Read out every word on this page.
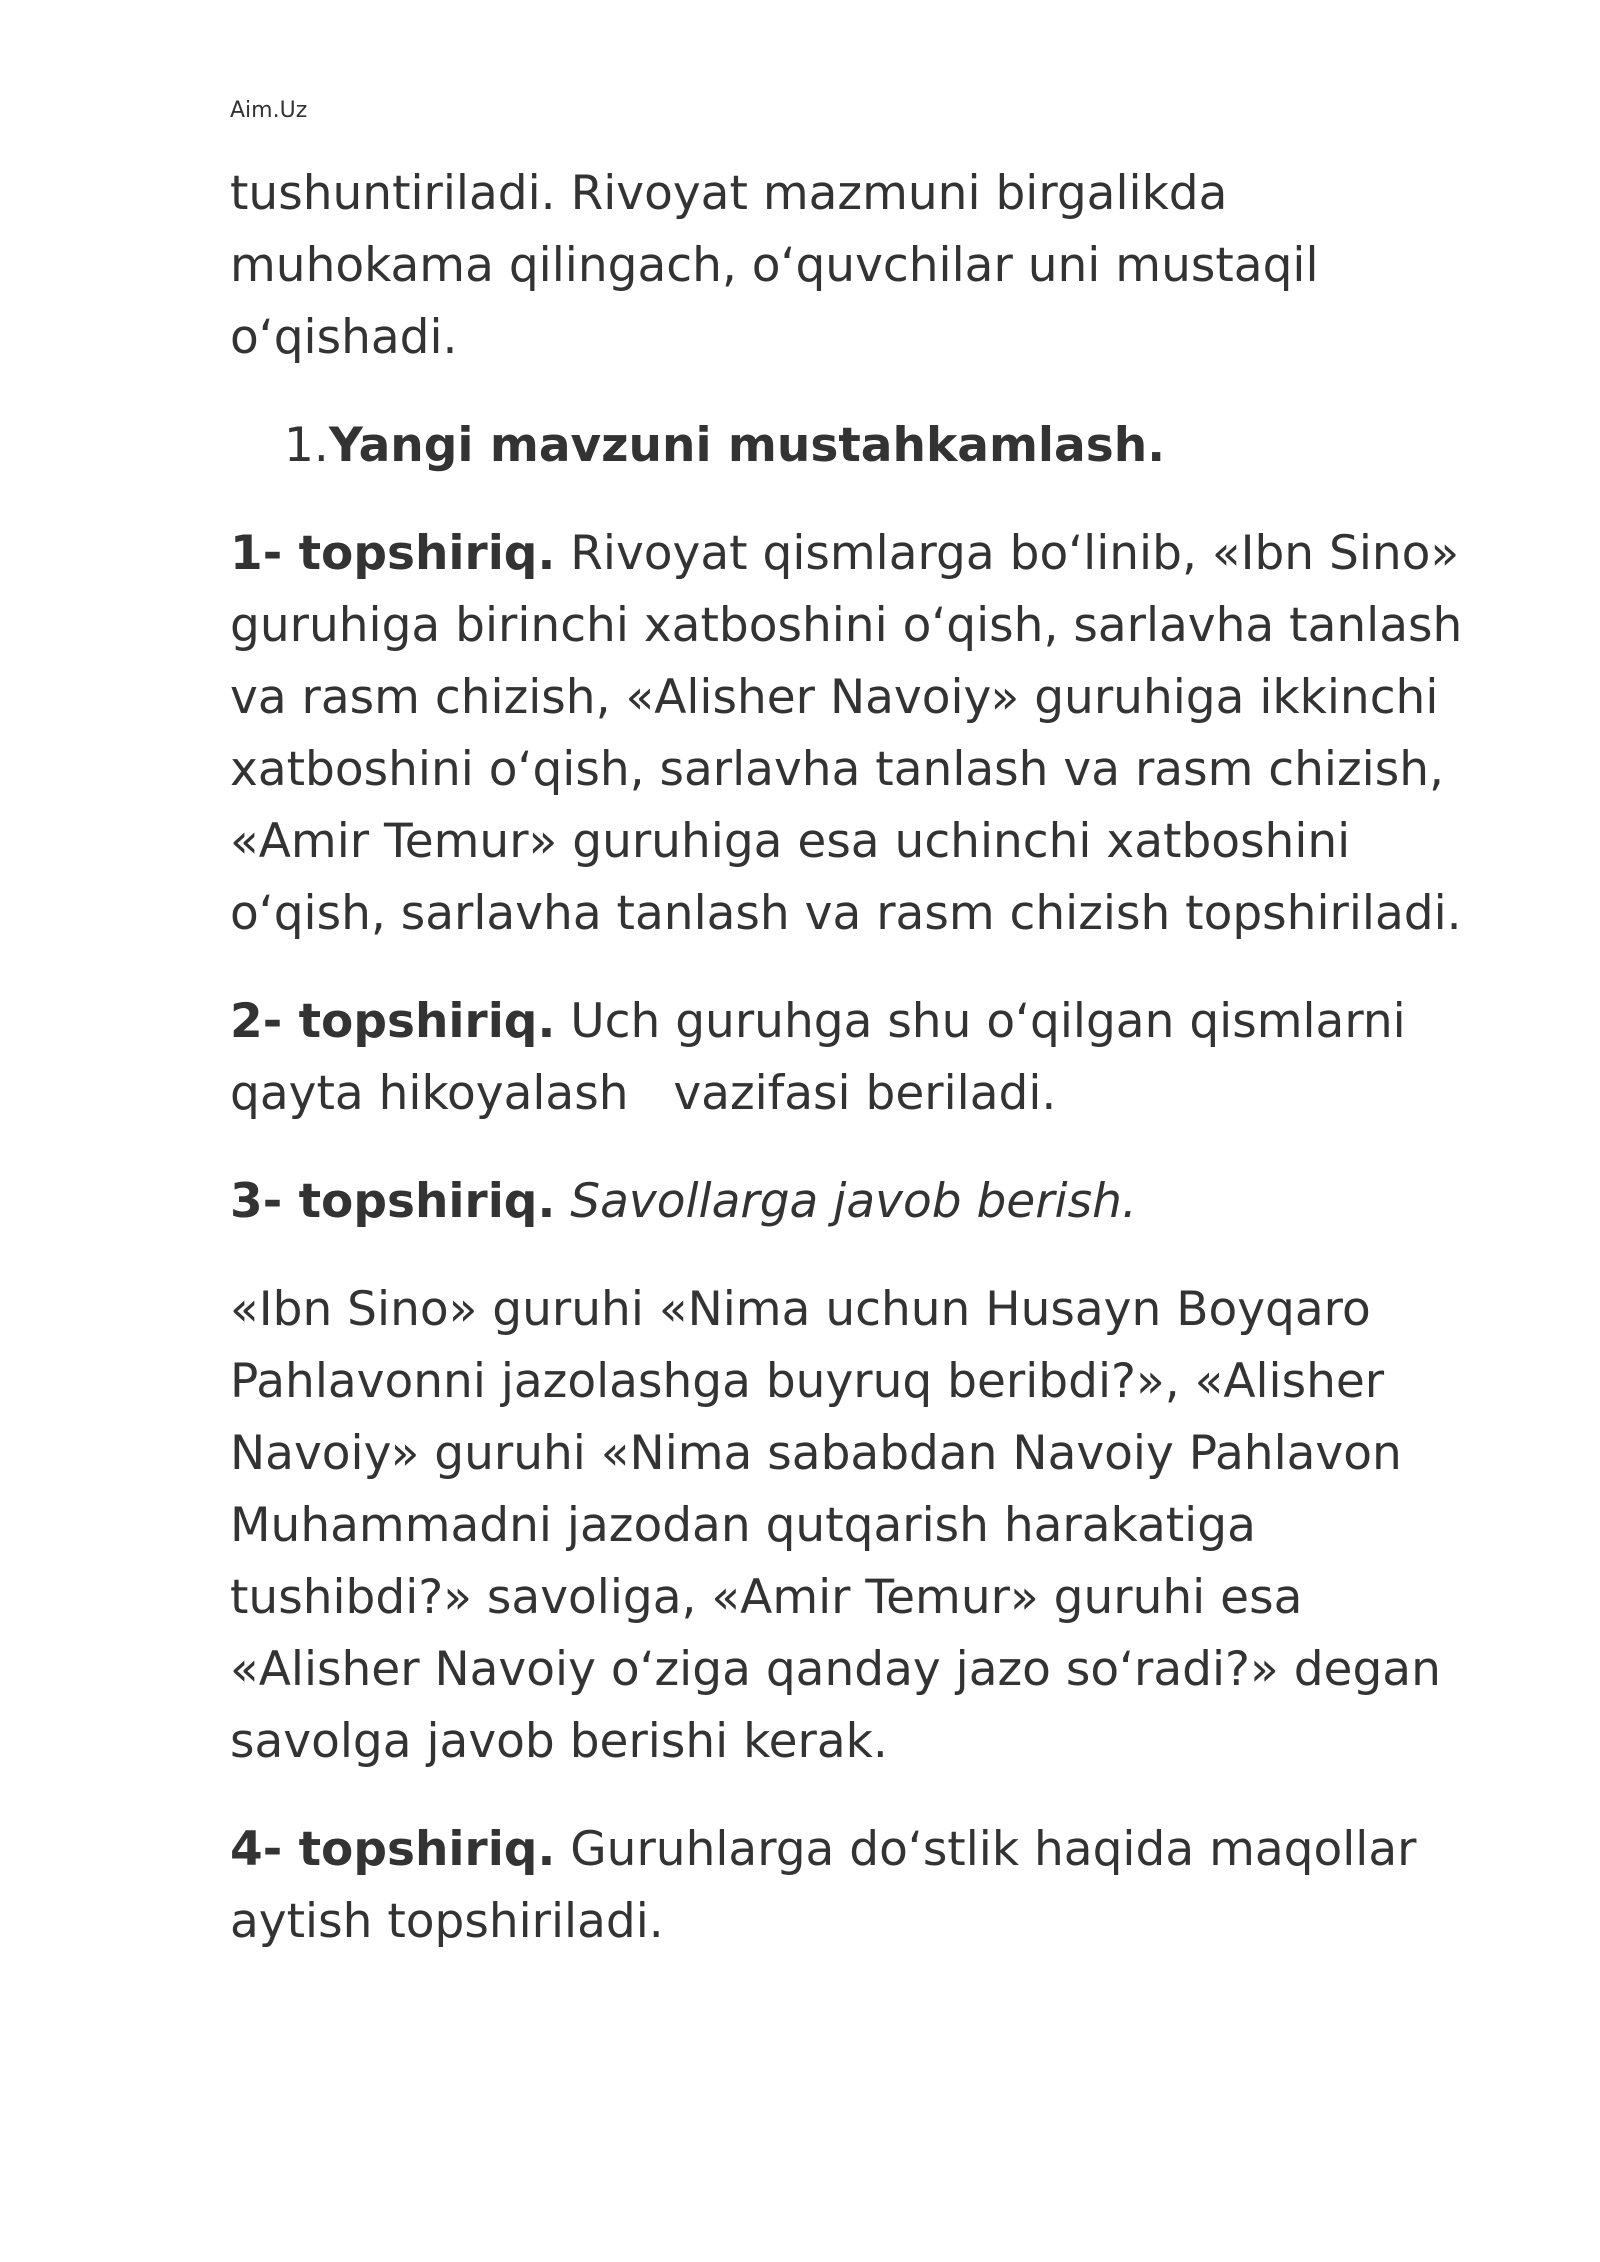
Aim.Uz

tushuntiriladi. Rivoyat mazmuni birgalikda muhokama qilingach, o‘quvchilar uni mustaqil o‘qishadi.

1.Yangi mavzuni mustahkamlash.

1- topshiriq. Rivoyat qismlarga bo‘linib, «Ibn Sino» guruhiga birinchi xatboshini o‘qish, sarlavha tanlash va rasm chizish, «Alisher Navoiy» guruhiga ikkinchi xatboshini o‘qish, sarlavha tanlash va rasm chizish, «Amir Temur» guruhiga esa uchinchi xatboshini o‘qish, sarlavha tanlash va rasm chizish topshiriladi.

2- topshiriq. Uch guruhga shu o‘qilgan qismlarni qayta hikoyalash   vazifasi beriladi.

3- topshiriq. Savollarga javob berish.

«Ibn Sino» guruhi «Nima uchun Husayn Boyqaro Pahlavonni jazolashga buyruq beribdi?», «Alisher Navoiy» guruhi «Nima sababdan Navoiy Pahlavon Muhammadni jazodan qutqarish harakatiga tushibdi?» savoliga, «Amir Temur» guruhi esa «Alisher Navoiy o‘ziga qanday jazo so‘radi?» degan savolga javob berishi kerak.

4- topshiriq. Guruhlarga do‘stlik haqida maqollar aytish topshiriladi.
